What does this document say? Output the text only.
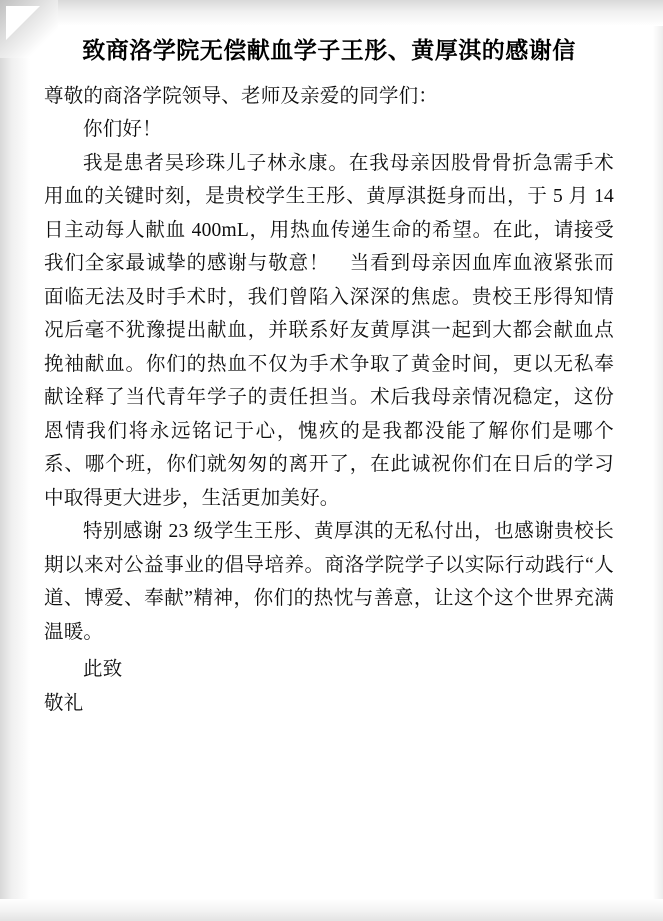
致商洛学院无偿献血学子王彤、黄厚淇的感谢信

尊敬的商洛学院领导、老师及亲爱的同学们：

你们好！

我是患者吴珍珠儿子林永康。在我母亲因股骨骨折急需手术用血的关键时刻，是贵校学生王彤、黄厚淇挺身而出，于 5 月 14 日主动每人献血 400mL，用热血传递生命的希望。在此，请接受我们全家最诚挚的感谢与敬意！　当看到母亲因血库血液紧张而面临无法及时手术时，我们曾陷入深深的焦虑。贵校王彤得知情况后毫不犹豫提出献血，并联系好友黄厚淇一起到大都会献血点挽袖献血。你们的热血不仅为手术争取了黄金时间，更以无私奉献诠释了当代青年学子的责任担当。术后我母亲情况稳定，这份恩情我们将永远铭记于心，愧疚的是我都没能了解你们是哪个系、哪个班，你们就匆匆的离开了，在此诚祝你们在日后的学习中取得更大进步，生活更加美好。

特别感谢 23 级学生王彤、黄厚淇的无私付出，也感谢贵校长期以来对公益事业的倡导培养。商洛学院学子以实际行动践行“人道、博爱、奉献”精神，你们的热忱与善意，让这个这个世界充满温暖。

此致

敬礼
